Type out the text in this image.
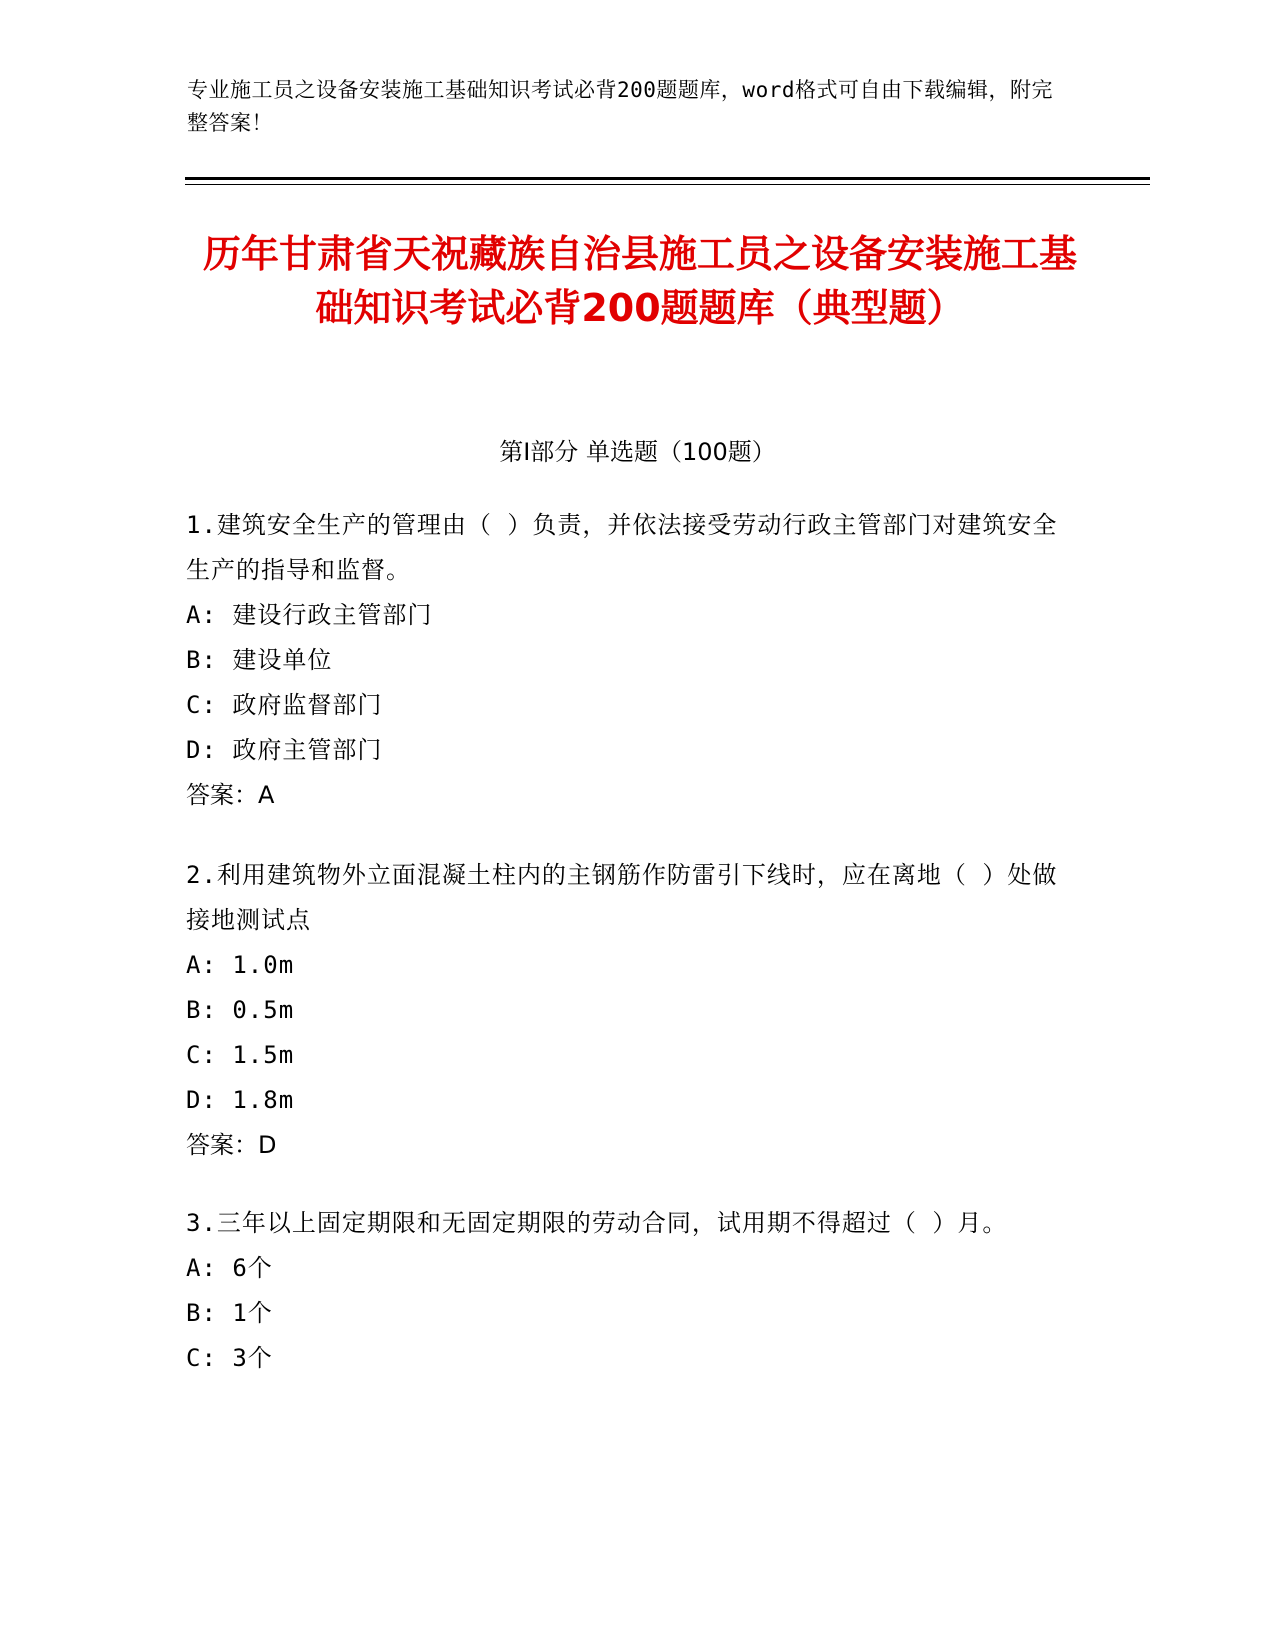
专业施工员之设备安装施工基础知识考试必背200题题库，word格式可自由下载编辑，附完整答案！
历年甘肃省天祝藏族自治县施工员之设备安装施工基础知识考试必背200题题库（典型题）
第I部分 单选题（100题）
1.建筑安全生产的管理由（ ）负责，并依法接受劳动行政主管部门对建筑安全生产的指导和监督。
A: 建设行政主管部门
B: 建设单位
C: 政府监督部门
D: 政府主管部门
答案：A
2.利用建筑物外立面混凝土柱内的主钢筋作防雷引下线时，应在离地（ ）处做接地测试点
A: 1.0m
B: 0.5m
C: 1.5m
D: 1.8m
答案：D
3.三年以上固定期限和无固定期限的劳动合同，试用期不得超过（ ）月。
A: 6个
B: 1个
C: 3个
